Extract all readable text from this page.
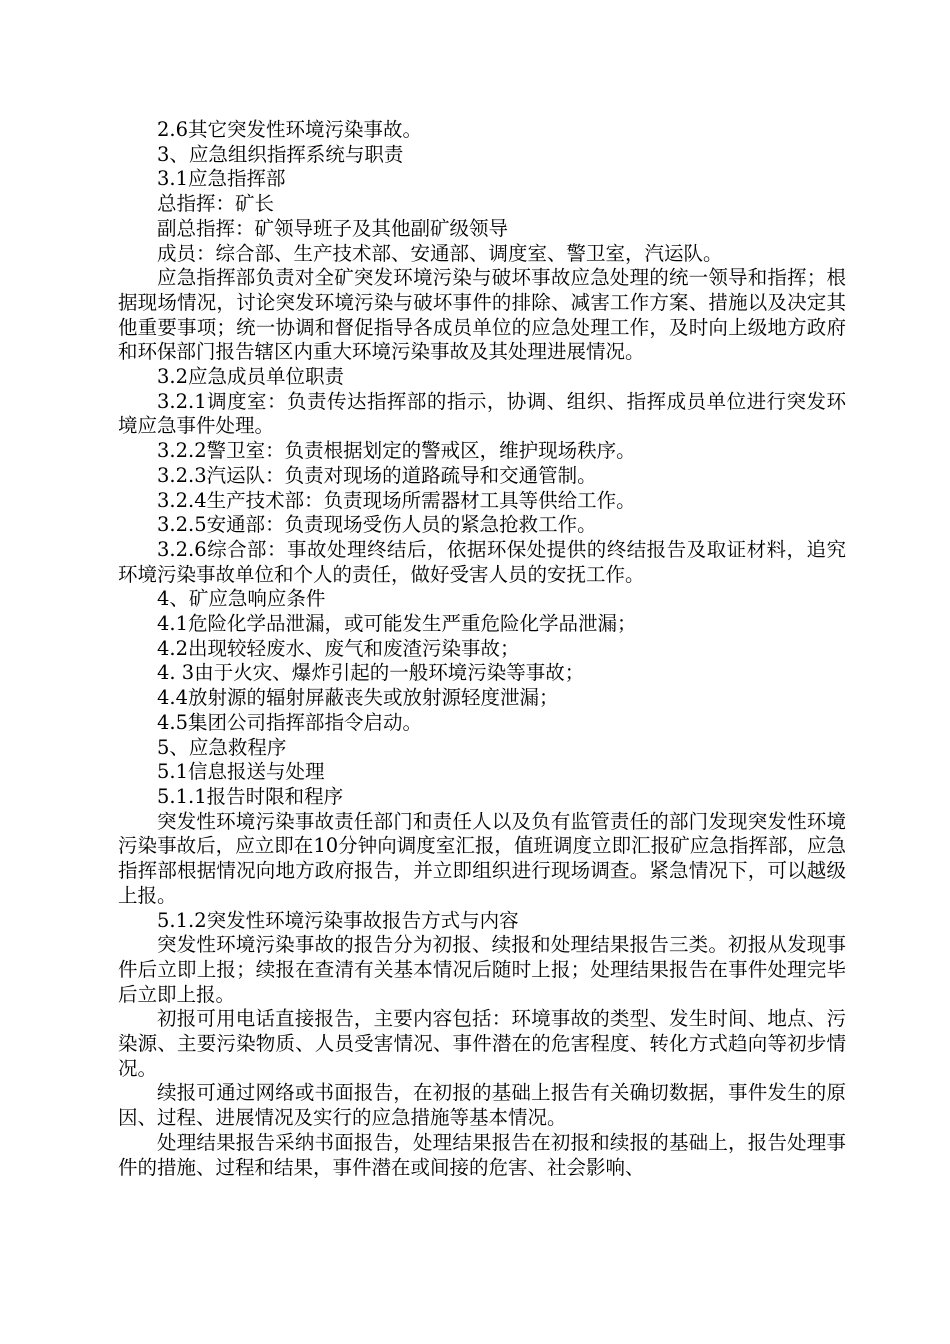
2.6其它突发性环境污染事故。

3、应急组织指挥系统与职责

3.1应急指挥部

总指挥：矿长

副总指挥：矿领导班子及其他副矿级领导

成员：综合部、生产技术部、安通部、调度室、警卫室，汽运队。

应急指挥部负责对全矿突发环境污染与破坏事故应急处理的统一领导和指挥；根据现场情况，讨论突发环境污染与破坏事件的排除、减害工作方案、措施以及决定其他重要事项；统一协调和督促指导各成员单位的应急处理工作，及时向上级地方政府和环保部门报告辖区内重大环境污染事故及其处理进展情况。

3.2应急成员单位职责

3.2.1调度室：负责传达指挥部的指示，协调、组织、指挥成员单位进行突发环境应急事件处理。

3.2.2警卫室：负责根据划定的警戒区，维护现场秩序。

3.2.3汽运队：负责对现场的道路疏导和交通管制。

3.2.4生产技术部：负责现场所需器材工具等供给工作。

3.2.5安通部：负责现场受伤人员的紧急抢救工作。

3.2.6综合部：事故处理终结后，依据环保处提供的终结报告及取证材料，追究环境污染事故单位和个人的责任，做好受害人员的安抚工作。

4、矿应急响应条件

4.1危险化学品泄漏，或可能发生严重危险化学品泄漏；

4.2出现较轻废水、废气和废渣污染事故；

4. 3由于火灾、爆炸引起的一般环境污染等事故；

4.4放射源的辐射屏蔽丧失或放射源轻度泄漏；

4.5集团公司指挥部指令启动。

5、应急救程序

5.1信息报送与处理

5.1.1报告时限和程序

突发性环境污染事故责任部门和责任人以及负有监管责任的部门发现突发性环境污染事故后，应立即在10分钟向调度室汇报，值班调度立即汇报矿应急指挥部，应急指挥部根据情况向地方政府报告，并立即组织进行现场调查。紧急情况下，可以越级上报。

5.1.2突发性环境污染事故报告方式与内容

突发性环境污染事故的报告分为初报、续报和处理结果报告三类。初报从发现事件后立即上报；续报在查清有关基本情况后随时上报；处理结果报告在事件处理完毕后立即上报。

初报可用电话直接报告，主要内容包括：环境事故的类型、发生时间、地点、污染源、主要污染物质、人员受害情况、事件潜在的危害程度、转化方式趋向等初步情况。

续报可通过网络或书面报告，在初报的基础上报告有关确切数据，事件发生的原因、过程、进展情况及实行的应急措施等基本情况。

处理结果报告采纳书面报告，处理结果报告在初报和续报的基础上，报告处理事件的措施、过程和结果，事件潜在或间接的危害、社会影响、
